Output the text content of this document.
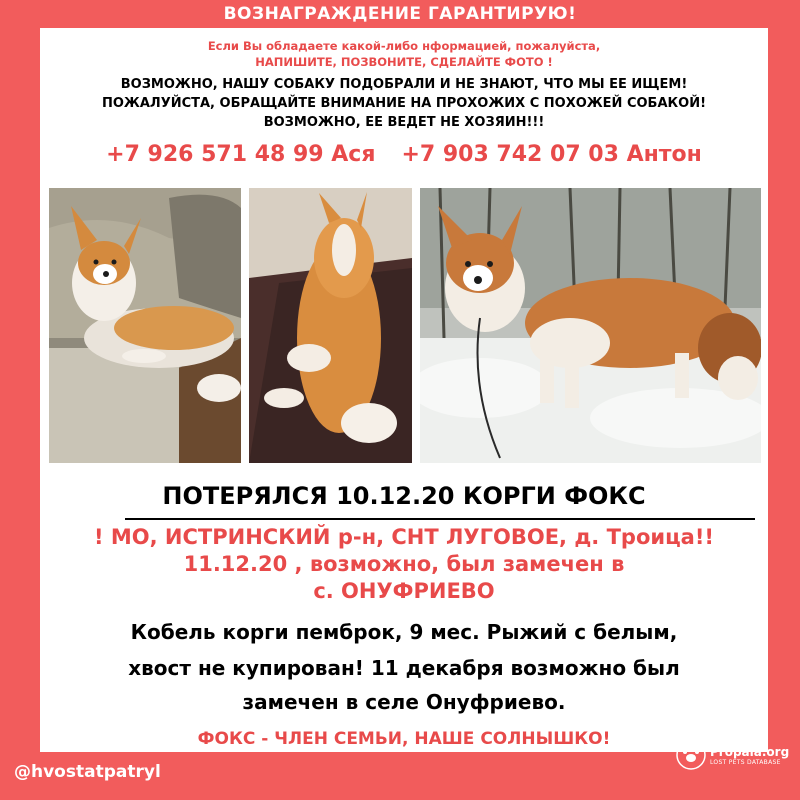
ВОЗНАГРАЖДЕНИЕ ГАРАНТИРУЮ!
Если Вы обладаете какой-либо нформацией, пожалуйста,
НАПИШИТЕ, ПОЗВОНИТЕ, СДЕЛАЙТЕ ФОТО !
ВОЗМОЖНО, НАШУ СОБАКУ ПОДОБРАЛИ И НЕ ЗНАЮТ, ЧТО МЫ ЕЕ ИЩЕМ!
ПОЖАЛУЙСТА, ОБРАЩАЙТЕ ВНИМАНИЕ НА ПРОХОЖИХ С ПОХОЖЕЙ СОБАКОЙ!
ВОЗМОЖНО, ЕЕ ВЕДЕТ НЕ ХОЗЯИН!!!
+7 926 571 48 99 Ася +7 903 742 07 03 Антон
ПОТЕРЯЛСЯ 10.12.20 КОРГИ ФОКС
! МО, ИСТРИНСКИЙ р-н, СНТ ЛУГОВОЕ, д. Троица!!
11.12.20 , возможно, был замечен в
с. ОНУФРИЕВО
Кобель корги пемброк, 9 мес. Рыжий с белым,
хвост не купирован! 11 декабря возможно был
замечен в селе Онуфриево.
ФОКС - ЧЛЕН СЕМЬИ, НАШЕ СОЛНЫШКО!
@hvostatpatryl
Propala.org
LOST PETS DATABASE
